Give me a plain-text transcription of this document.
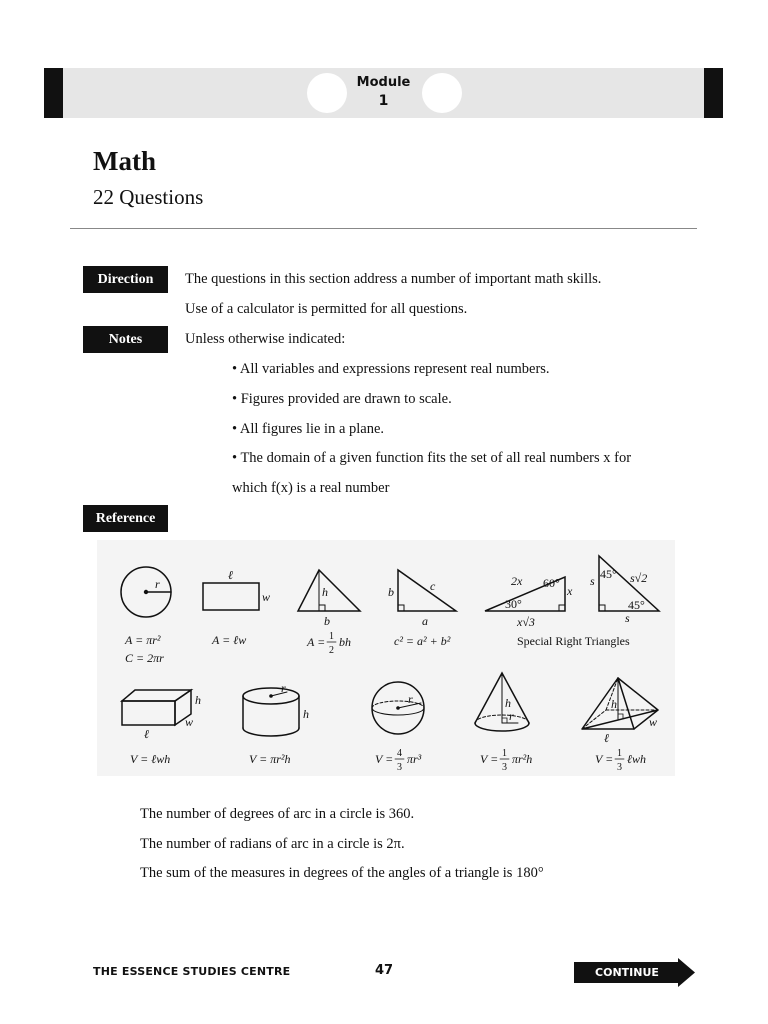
Module
1
Math
22 Questions
Direction	The questions in this section address a number of important math skills.
Use of a calculator is permitted for all questions.
Notes	Unless otherwise indicated:
• All variables and expressions represent real numbers.
• Figures provided are drawn to scale.
• All figures lie in a plane.
• The domain of a given function fits the set of all real numbers x for
which f(x) is a real number
Reference
r
ℓ
w	h
b
b	c
a
2x 60°
30°
x
x√3
45° s√2
s
45°
s
A = πr²
C = 2πr
A = ℓw	A = 1
2
bh	c² = a² + b²	Special Right Triangles
h
w
ℓ
r
h
r	h
r
h
w
ℓ
V = ℓwh	V = πr²h	V = 4
3
πr³	V = 1
3
πr²h	V = 1
3
ℓwh
The number of degrees of arc in a circle is 360.
The number of radians of arc in a circle is 2π.
The sum of the measures in degrees of the angles of a triangle is 180°
THE ESSENCE STUDIES CENTRE	47	CONTINUE
